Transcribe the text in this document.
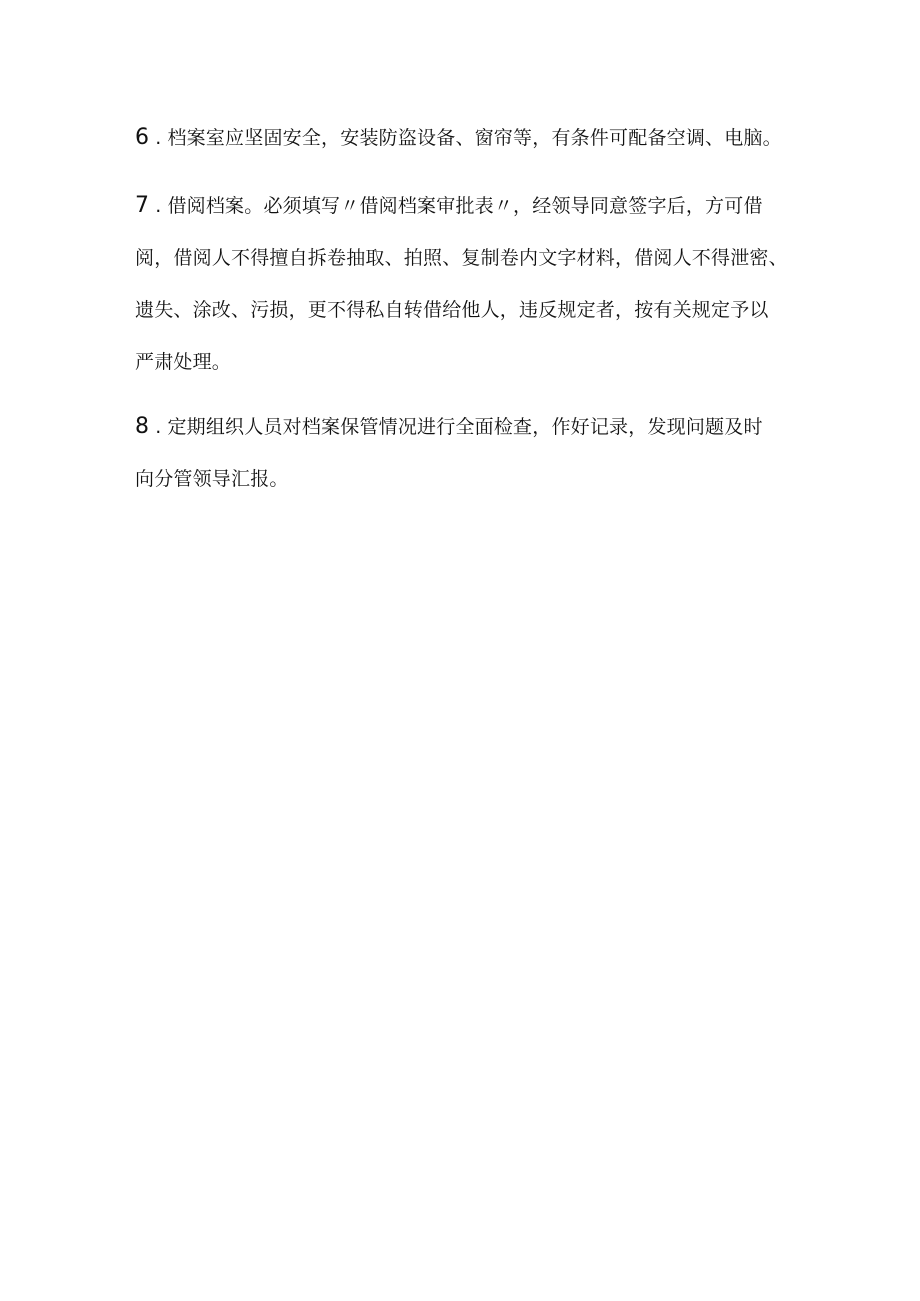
6 . 档案室应坚固安全，安装防盗设备、窗帘等，有条件可配备空调、电脑。
7 . 借阅档案。必须填写〃借阅档案审批表〃，经领导同意签字后，方可借
阅，借阅人不得擅自拆卷抽取、拍照、复制卷内文字材料，借阅人不得泄密、
遗失、涂改、污损，更不得私自转借给他人，违反规定者，按有关规定予以
严肃处理。
8 . 定期组织人员对档案保管情况进行全面检查，作好记录，发现问题及时
向分管领导汇报。
